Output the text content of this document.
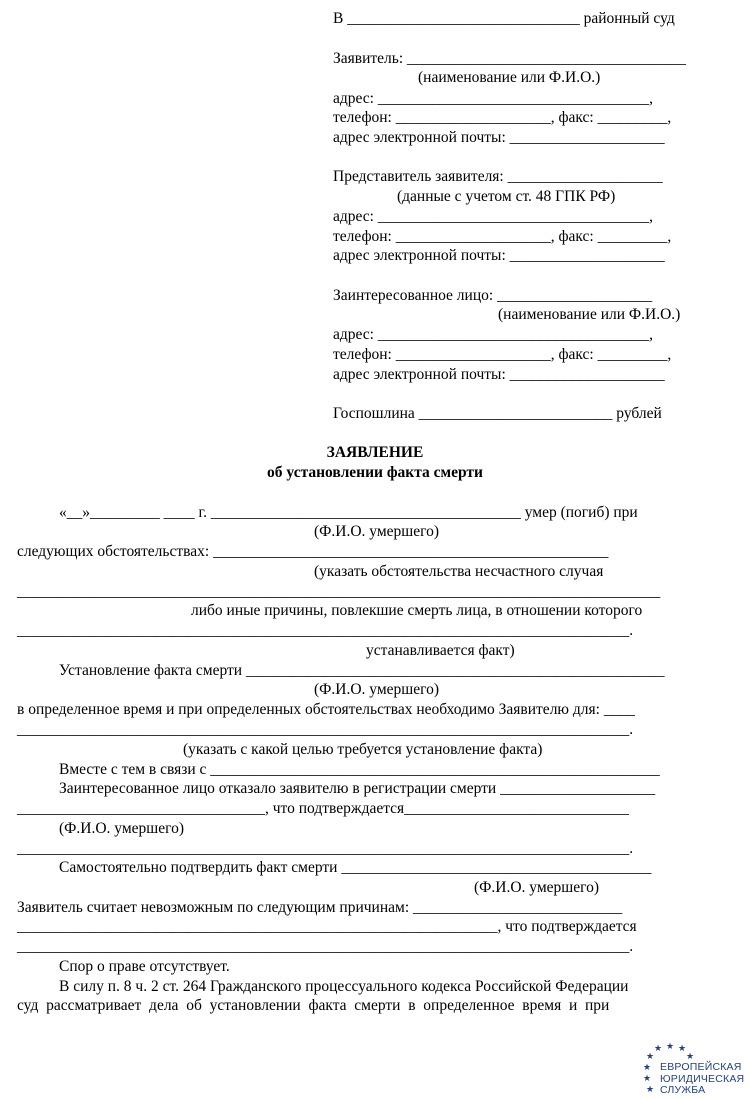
В ______________________________ районный суд
Заявитель: ____________________________________
(наименование или Ф.И.О.)
адрес: ___________________________________,
телефон: ____________________, факс: _________,
адрес электронной почты: ____________________
Представитель заявителя: ____________________
(данные с учетом ст. 48 ГПК РФ)
адрес: ___________________________________,
телефон: ____________________, факс: _________,
адрес электронной почты: ____________________
Заинтересованное лицо: ____________________
(наименование или Ф.И.О.)
адрес: ___________________________________,
телефон: ____________________, факс: _________,
адрес электронной почты: ____________________
Госпошлина _________________________ рублей
ЗАЯВЛЕНИЕ
об установлении факта смерти
«__»_________ ____ г. ________________________________________ умер (погиб) при
(Ф.И.О. умершего)
следующих обстоятельствах: ___________________________________________________
(указать обстоятельства несчастного случая
___________________________________________________________________________________
либо иные причины, повлекшие смерть лица, в отношении которого
_______________________________________________________________________________.
устанавливается факт)
Установление факта смерти ______________________________________________________
(Ф.И.О. умершего)
в определенное время и при определенных обстоятельствах необходимо Заявителю для: ____
_______________________________________________________________________________.
(указать с какой целью требуется установление факта)
Вместе с тем в связи с __________________________________________________________
Заинтересованное лицо отказало заявителю в регистрации смерти ____________________
________________________________, что подтверждается_____________________________
(Ф.И.О. умершего)
_______________________________________________________________________________.
Самостоятельно подтвердить факт смерти ________________________________________
(Ф.И.О. умершего)
Заявитель считает невозможным по следующим причинам: ___________________________
______________________________________________________________, что подтверждается
_______________________________________________________________________________.
Спор о праве отсутствует.
В силу п. 8 ч. 2 ст. 264 Гражданского процессуального кодекса Российской Федерации
суд  рассматривает  дела  об  установлении  факта  смерти  в  определенное  время  и  при
★ ★ ★
★	★
★
★
★
ЕВРОПЕЙСКАЯ
ЮРИДИЧЕСКАЯ
СЛУЖБА
